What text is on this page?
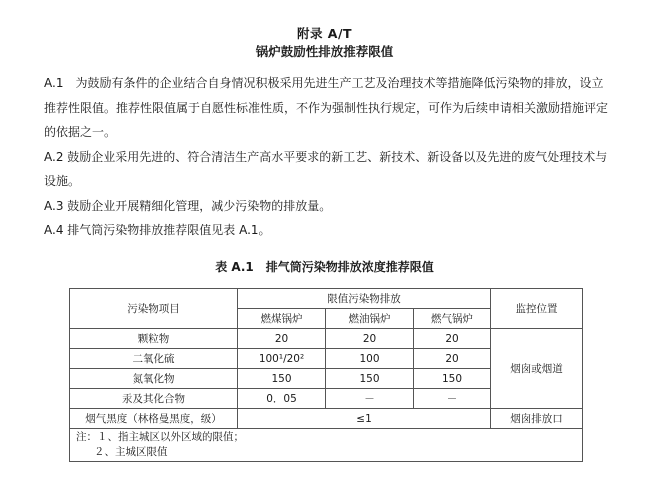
附录 A/T
锅炉鼓励性排放推荐限值

A.1　为鼓励有条件的企业结合自身情况积极采用先进生产工艺及治理技术等措施降低污染物的排放，设立推荐性限值。推荐性限值属于自愿性标准性质，不作为强制性执行规定，可作为后续申请相关激励措施评定的依据之一。

A.2 鼓励企业采用先进的、符合清洁生产高水平要求的新工艺、新技术、新设备以及先进的废气处理技术与设施。

A.3 鼓励企业开展精细化管理，减少污染物的排放量。

A.4 排气筒污染物排放推荐限值见表 A.1。

表 A.1　排气筒污染物排放浓度推荐限值
污染物项目	限值污染物排放			监控位置
	燃煤锅炉	燃油锅炉	燃气锅炉	
颗粒物	20	20	20	烟囱或烟道
二氧化硫	100¹/20²	100	20	
氮氧化物	150	150	150	
汞及其化合物	0．05	－	－	
烟气黑度（林格曼黑度，级）	≤1			烟囱排放口

注：１、指主城区以外区域的限值；
２、主城区限值				
